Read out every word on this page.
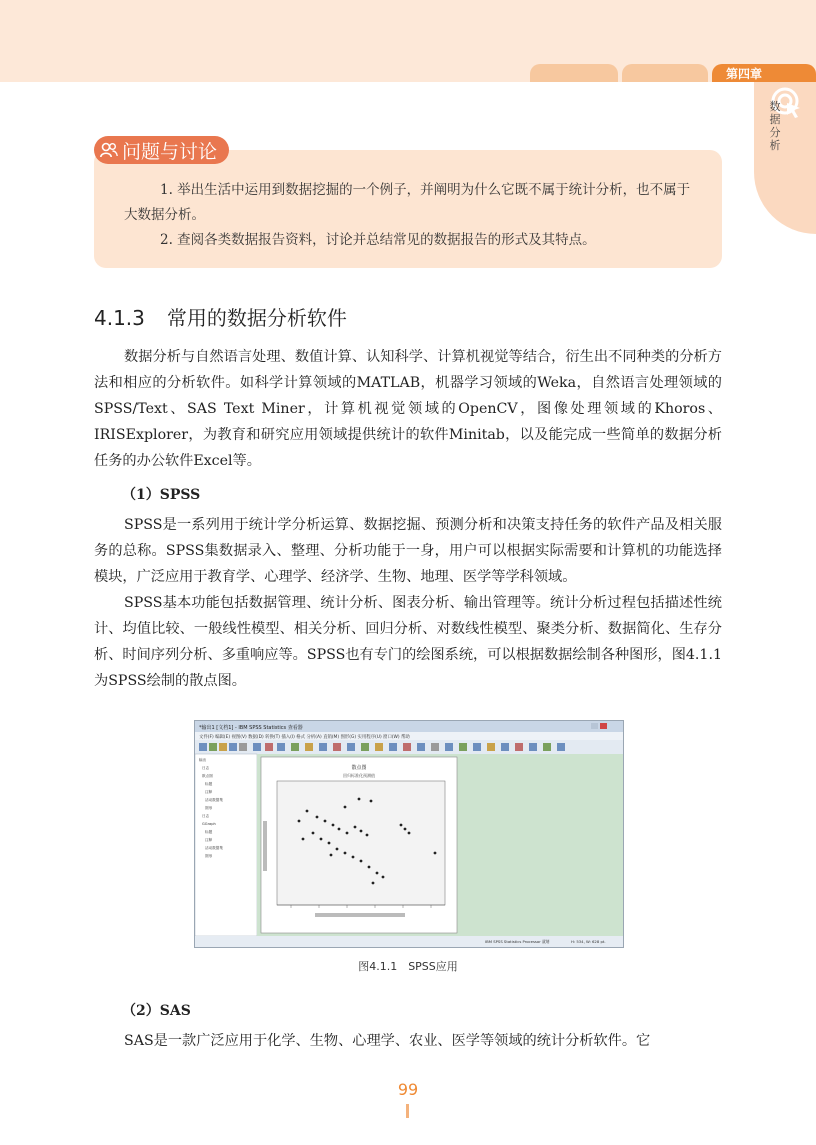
第四章
数据分析
问题与讨论

1. 举出生活中运用到数据挖掘的一个例子，并阐明为什么它既不属于统计分析，也不属于大数据分析。

2. 查阅各类数据报告资料，讨论并总结常见的数据报告的形式及其特点。

4.1.3 常用的数据分析软件

数据分析与自然语言处理、数值计算、认知科学、计算机视觉等结合，衍生出不同种类的分析方法和相应的分析软件。如科学计算领域的MATLAB，机器学习领域的Weka，自然语言处理领域的SPSS/Text、SAS Text Miner，计算机视觉领域的OpenCV，图像处理领域的Khoros、IRISExplorer，为教育和研究应用领域提供统计的软件Minitab，以及能完成一些简单的数据分析任务的办公软件Excel等。

（1）SPSS

SPSS是一系列用于统计学分析运算、数据挖掘、预测分析和决策支持任务的软件产品及相关服务的总称。SPSS集数据录入、整理、分析功能于一身，用户可以根据实际需要和计算机的功能选择模块，广泛应用于教育学、心理学、经济学、生物、地理、医学等学科领域。

SPSS基本功能包括数据管理、统计分析、图表分析、输出管理等。统计分析过程包括描述性统计、均值比较、一般线性模型、相关分析、回归分析、对数线性模型、聚类分析、数据简化、生存分析、时间序列分析、多重响应等。SPSS也有专门的绘图系统，可以根据数据绘制各种图形，图4.1.1为SPSS绘制的散点图。

*输出1 [文档1] - IBM SPSS Statistics 查看器
文件(F) 编辑(E) 视图(V) 数据(D) 转换(T) 插入(I) 格式 分析(A) 直销(M) 图形(G) 实用程序(U) 窗口(W) 帮助
输出
日志
散点图
标题
注释
活动数据集
图形
日志
GGraph
标题
注释
活动数据集
图形
散点图
回归标准化预测值
IBM SPSS Statistics Processor 就绪	H: 534, W: 628 pt.
图4.1.1　SPSS应用
（2）SAS

SAS是一款广泛应用于化学、生物、心理学、农业、医学等领域的统计分析软件。它

99
